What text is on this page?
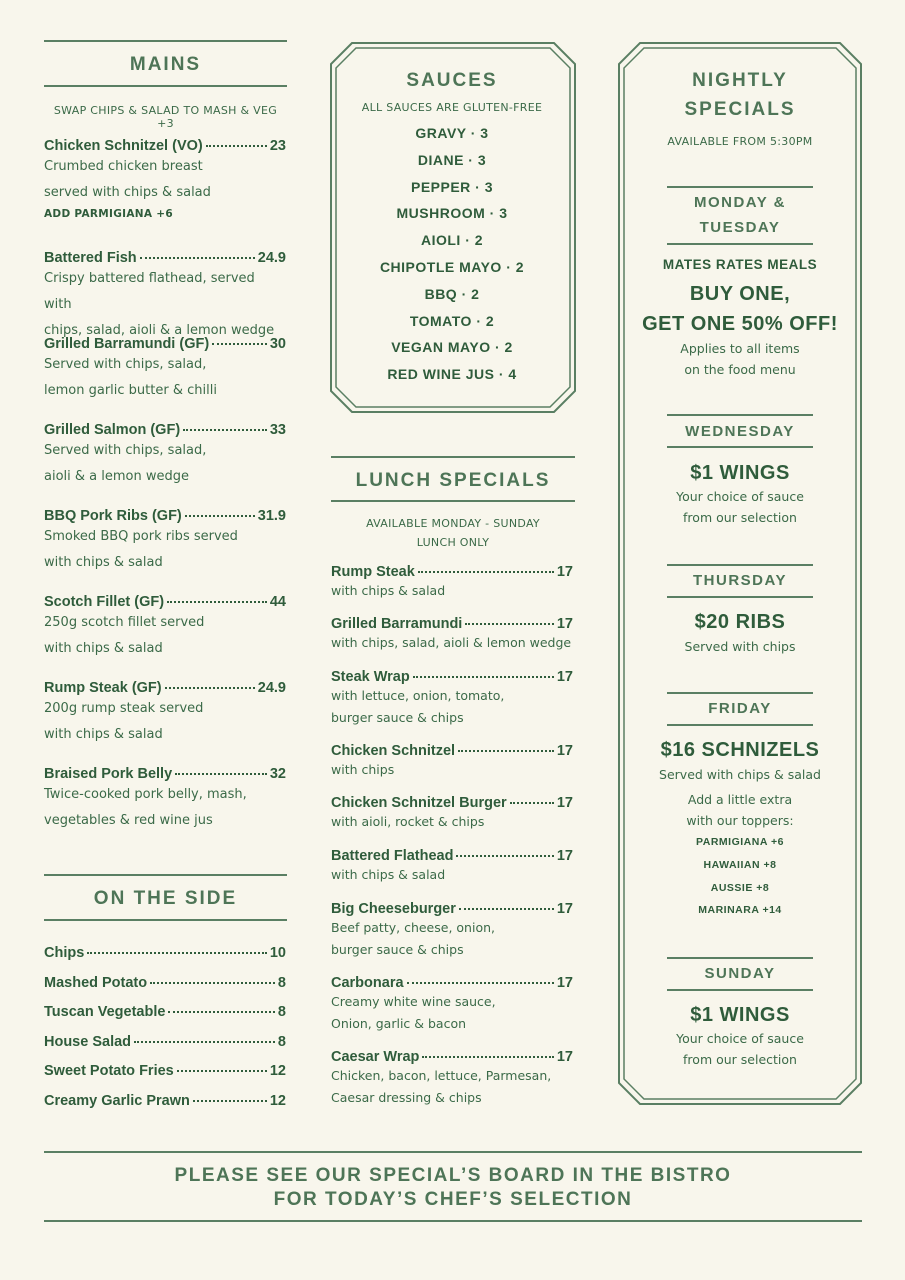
MAINS
SWAP CHIPS & SALAD TO MASH & VEG +3
Chicken Schnitzel (VO)	23
Crumbed chicken breast
served with chips & salad
ADD PARMIGIANA +6
Battered Fish	24.9
Crispy battered flathead, served with
chips, salad, aioli & a lemon wedge
Grilled Barramundi (GF)	30
Served with chips, salad,
lemon garlic butter & chilli
Grilled Salmon (GF)	33
Served with chips, salad,
aioli & a lemon wedge
BBQ Pork Ribs (GF)	31.9
Smoked BBQ pork ribs served
with chips & salad
Scotch Fillet (GF)	44
250g scotch fillet served
with chips & salad
Rump Steak (GF)	24.9
200g rump steak served
with chips & salad
Braised Pork Belly	32
Twice-cooked pork belly, mash,
vegetables & red wine jus
ON THE SIDE
Chips	10
Mashed Potato	8
Tuscan Vegetable	8
House Salad	8
Sweet Potato Fries	12
Creamy Garlic Prawn	12
SAUCES
ALL SAUCES ARE GLUTEN-FREE
GRAVY · 3
DIANE · 3
PEPPER · 3
MUSHROOM · 3
AIOLI · 2
CHIPOTLE MAYO · 2
BBQ · 2
TOMATO · 2
VEGAN MAYO · 2
RED WINE JUS · 4
LUNCH SPECIALS
AVAILABLE MONDAY - SUNDAY
LUNCH ONLY
Rump Steak	17
with chips & salad
Grilled Barramundi	17
with chips, salad, aioli & lemon wedge
Steak Wrap	17
with lettuce, onion, tomato,
burger sauce & chips
Chicken Schnitzel	17
with chips
Chicken Schnitzel Burger	17
with aioli, rocket & chips
Battered Flathead	17
with chips & salad
Big Cheeseburger	17
Beef patty, cheese, onion,
burger sauce & chips
Carbonara	17
Creamy white wine sauce,
Onion, garlic & bacon
Caesar Wrap	17
Chicken, bacon, lettuce, Parmesan,
Caesar dressing & chips
NIGHTLY
SPECIALS
AVAILABLE FROM 5:30PM
MONDAY &
TUESDAY
MATES RATES MEALS
BUY ONE,
GET ONE 50% OFF!
Applies to all items
on the food menu
WEDNESDAY
$1 WINGS
Your choice of sauce
from our selection
THURSDAY
$20 RIBS
Served with chips
FRIDAY
$16 SCHNIZELS
Served with chips & salad
Add a little extra
with our toppers:
PARMIGIANA +6
HAWAIIAN +8
AUSSIE +8
MARINARA +14
SUNDAY
$1 WINGS
Your choice of sauce
from our selection
PLEASE SEE OUR SPECIAL’S BOARD IN THE BISTRO
FOR TODAY’S CHEF’S SELECTION
